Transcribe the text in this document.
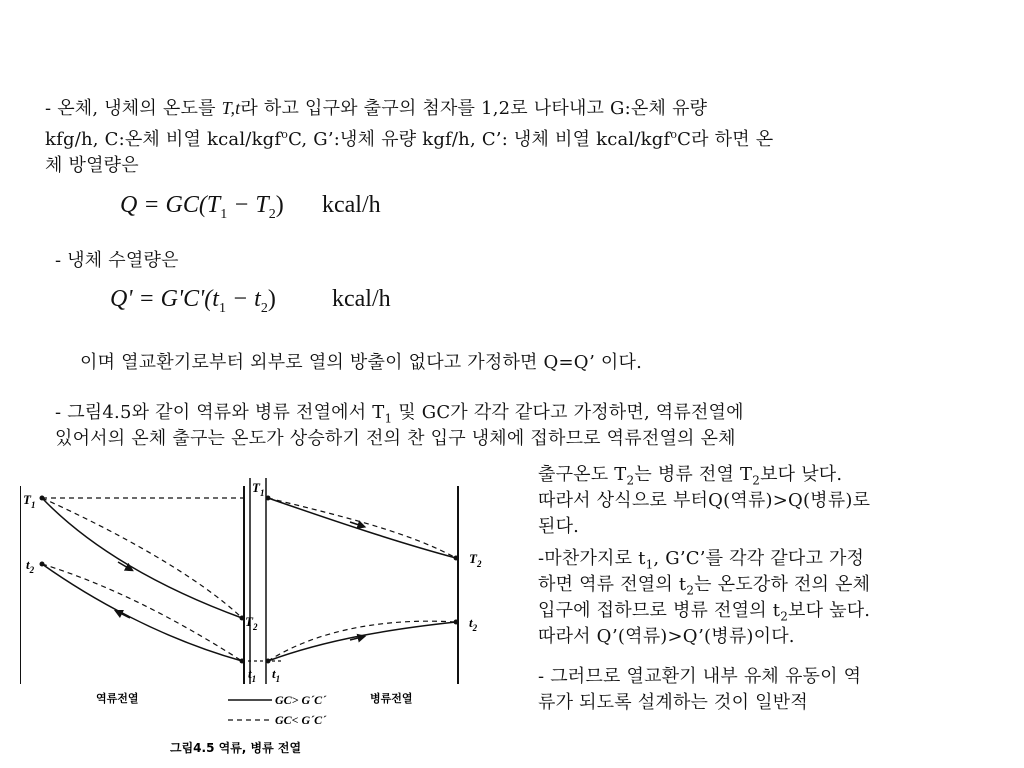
- 온체, 냉체의 온도를 T,t라 하고 입구와 출구의 첨자를 1,2로 나타내고 G:온체 유량
kfg/h, C:온체 비열 kcal/kgf$^o$C, G’:냉체 유량 kgf/h, C’: 냉체 비열 kcal/kgf$^o$C라 하면 온
체 방열량은
$Q = GC(T_1 - T_2)$ kcal/h
- 냉체 수열량은
$Q' = G'C'(t_1 - t_2)$ kcal/h
이며 열교환기로부터 외부로 열의 방출이 없다고 가정하면 Q=Q’ 이다.
- 그림4.5와 같이 역류와 병류 전열에서 $T_1$ 및 GC가 각각 같다고 가정하면, 역류전열에
있어서의 온체 출구는 온도가 상승하기 전의 찬 입구 냉체에 접하므로 역류전열의 온체
출구온도 $T_2$는 병류 전열 $T_2$보다 낮다.
따라서 상식으로 부터Q(역류)>Q(병류)로
된다.
-마찬가지로 $t_1$, G’C’를 각각 같다고 가정
하면 역류 전열의 $t_2$는 온도강하 전의 온체
입구에 접하므로 병류 전열의 $t_2$보다 높다.
따라서 Q’(역류)>Q’(병류)이다.
- 그러므로 열교환기 내부 유체 유동이 역
류가 되도록 설계하는 것이 일반적
$T_1$
$t_2$
$T_2$
$t_1$
$T_1$
$t_1$
$T_2$
$t_2$
역류전열	병류전열
GC> G´C´
GC< G´C´
그림4.5 역류, 병류 전열
